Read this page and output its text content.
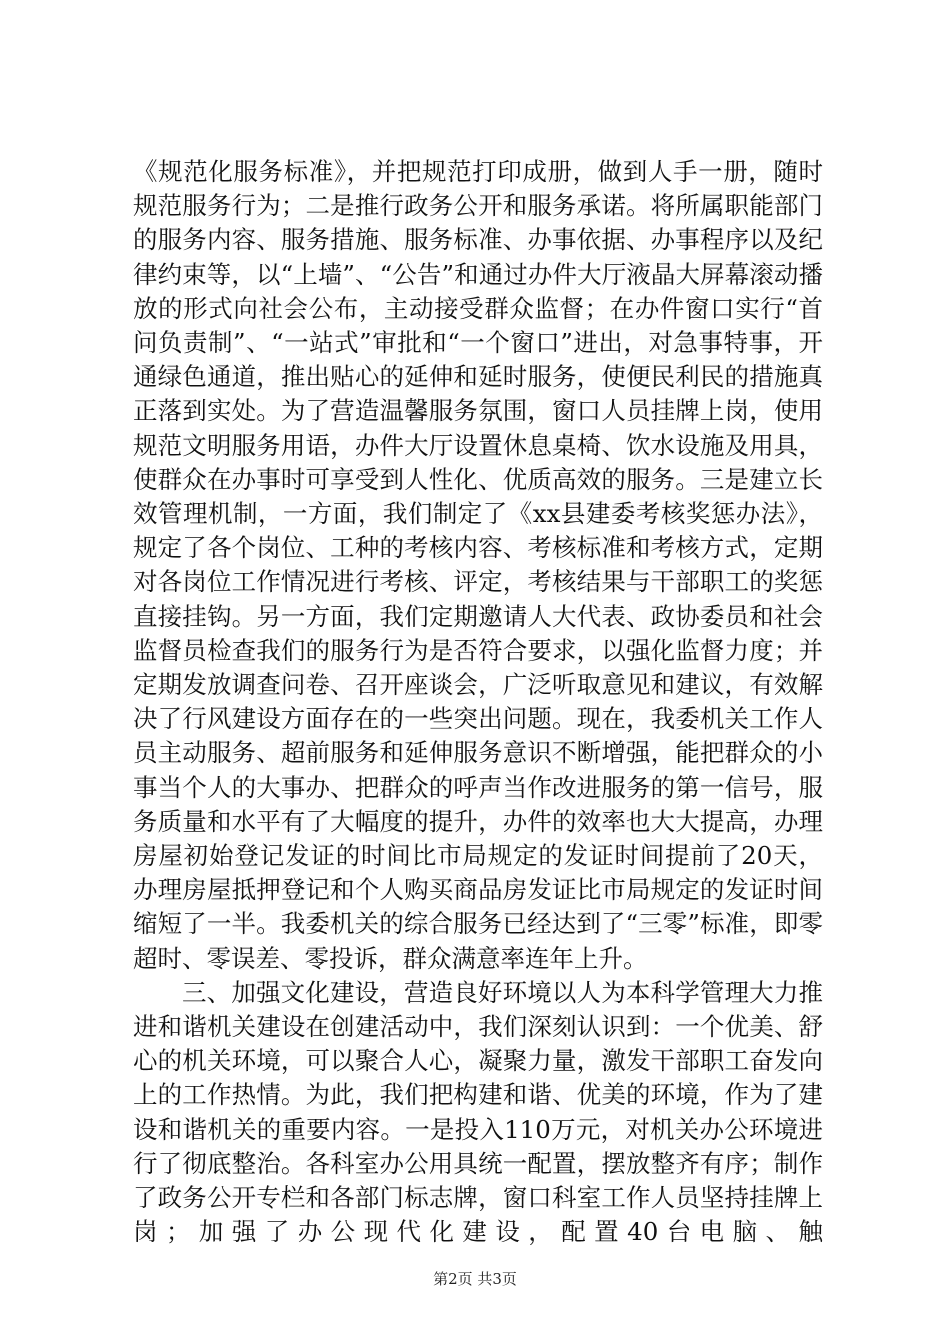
《规范化服务标准》，并把规范打印成册，做到人手一册，随时规范服务行为；二是推行政务公开和服务承诺。将所属职能部门的服务内容、服务措施、服务标准、办事依据、办事程序以及纪律约束等，以“上墙”、“公告”和通过办件大厅液晶大屏幕滚动播放的形式向社会公布，主动接受群众监督；在办件窗口实行“首问负责制”、“一站式”审批和“一个窗口”进出，对急事特事，开通绿色通道，推出贴心的延伸和延时服务，使便民利民的措施真正落到实处。为了营造温馨服务氛围，窗口人员挂牌上岗，使用规范文明服务用语，办件大厅设置休息桌椅、饮水设施及用具，使群众在办事时可享受到人性化、优质高效的服务。三是建立长效管理机制，一方面，我们制定了《xx县建委考核奖惩办法》，规定了各个岗位、工种的考核内容、考核标准和考核方式，定期对各岗位工作情况进行考核、评定，考核结果与干部职工的奖惩直接挂钩。另一方面，我们定期邀请人大代表、政协委员和社会监督员检查我们的服务行为是否符合要求，以强化监督力度；并定期发放调查问卷、召开座谈会，广泛听取意见和建议，有效解决了行风建设方面存在的一些突出问题。现在，我委机关工作人员主动服务、超前服务和延伸服务意识不断增强，能把群众的小事当个人的大事办、把群众的呼声当作改进服务的第一信号，服务质量和水平有了大幅度的提升，办件的效率也大大提高，办理房屋初始登记发证的时间比市局规定的发证时间提前了20天，办理房屋抵押登记和个人购买商品房发证比市局规定的发证时间缩短了一半。我委机关的综合服务已经达到了“三零”标准，即零超时、零误差、零投诉，群众满意率连年上升。

三、加强文化建设，营造良好环境以人为本科学管理大力推进和谐机关建设在创建活动中，我们深刻认识到：一个优美、舒心的机关环境，可以聚合人心，凝聚力量，激发干部职工奋发向上的工作热情。为此，我们把构建和谐、优美的环境，作为了建设和谐机关的重要内容。一是投入110万元，对机关办公环境进行了彻底整治。各科室办公用具统一配置，摆放整齐有序；制作了政务公开专栏和各部门标志牌，窗口科室工作人员坚持挂牌上岗；加强了办公现代化建设，配置40台电脑、触

第2页 共3页
